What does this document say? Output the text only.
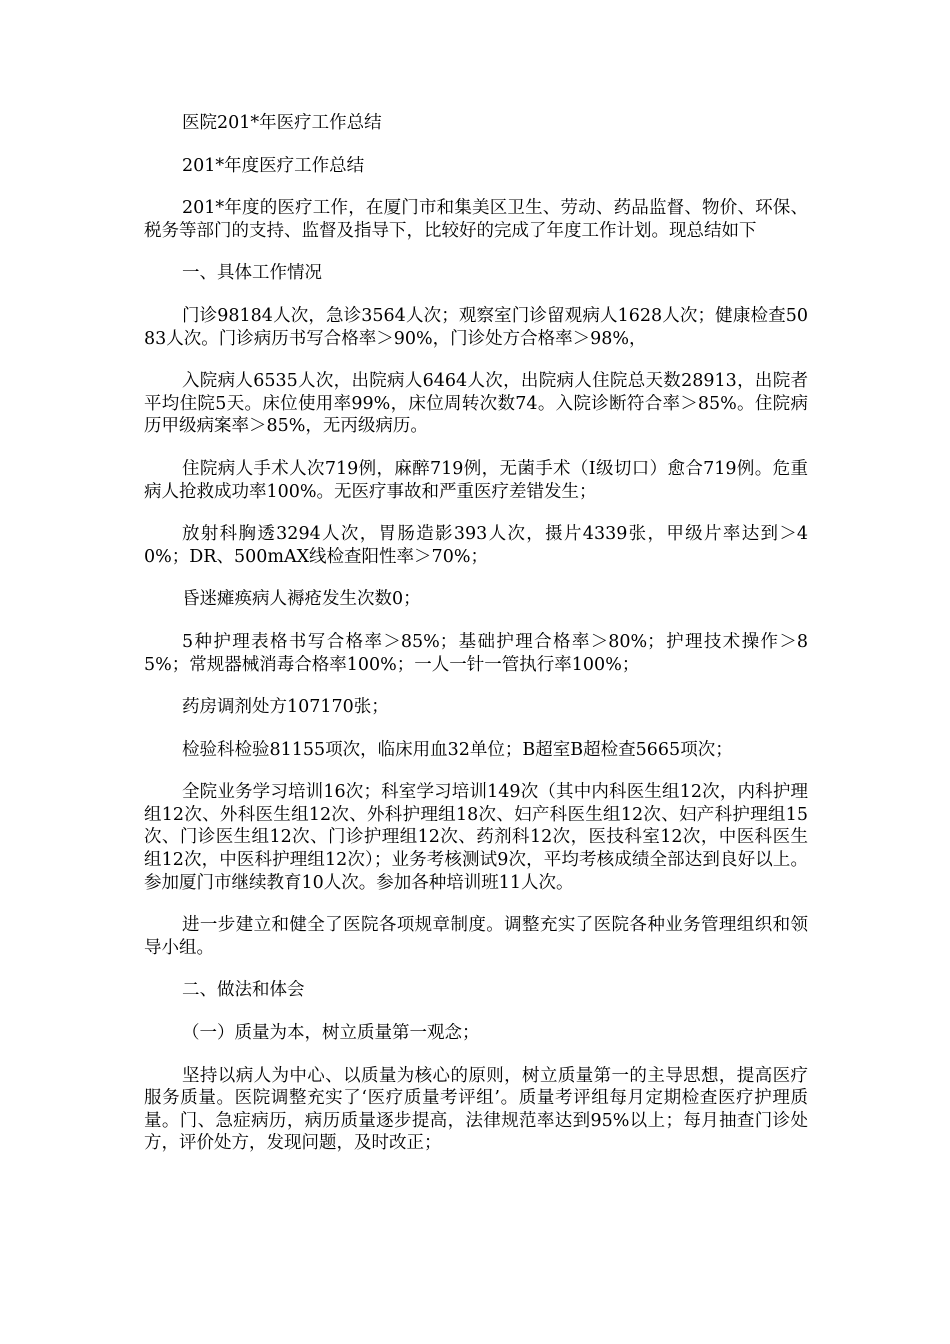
医院201*年医疗工作总结

201*年度医疗工作总结

201*年度的医疗工作，在厦门市和集美区卫生、劳动、药品监督、物价、环保、税务等部门的支持、监督及指导下，比较好的完成了年度工作计划。现总结如下

一、具体工作情况

门诊98184人次，急诊3564人次；观察室门诊留观病人1628人次；健康检查5083人次。门诊病历书写合格率＞90%，门诊处方合格率＞98%，

入院病人6535人次，出院病人6464人次，出院病人住院总天数28913，出院者平均住院5天。床位使用率99%，床位周转次数74。入院诊断符合率＞85%。住院病历甲级病案率＞85%，无丙级病历。

住院病人手术人次719例，麻醉719例，无菌手术（Ⅰ级切口）愈合719例。危重病人抢救成功率100%。无医疗事故和严重医疗差错发生；

放射科胸透3294人次，胃肠造影393人次，摄片4339张，甲级片率达到＞40%；DR、500mAX线检查阳性率＞70%；

昏迷瘫痪病人褥疮发生次数0；

5种护理表格书写合格率＞85%；基础护理合格率＞80%；护理技术操作＞85%；常规器械消毒合格率100%；一人一针一管执行率100%；

药房调剂处方107170张；

检验科检验81155项次，临床用血32单位；B超室B超检查5665项次；

全院业务学习培训16次；科室学习培训149次（其中内科医生组12次，内科护理组12次、外科医生组12次、外科护理组18次、妇产科医生组12次、妇产科护理组15次、门诊医生组12次、门诊护理组12次、药剂科12次，医技科室12次，中医科医生组12次，中医科护理组12次）；业务考核测试9次，平均考核成绩全部达到良好以上。参加厦门市继续教育10人次。参加各种培训班11人次。

进一步建立和健全了医院各项规章制度。调整充实了医院各种业务管理组织和领导小组。

二、做法和体会

（一）质量为本，树立质量第一观念；

坚持以病人为中心、以质量为核心的原则，树立质量第一的主导思想，提高医疗服务质量。医院调整充实了‘医疗质量考评组’。质量考评组每月定期检查医疗护理质量。门、急症病历，病历质量逐步提高，法律规范率达到95%以上；每月抽查门诊处方，评价处方，发现问题，及时改正；
